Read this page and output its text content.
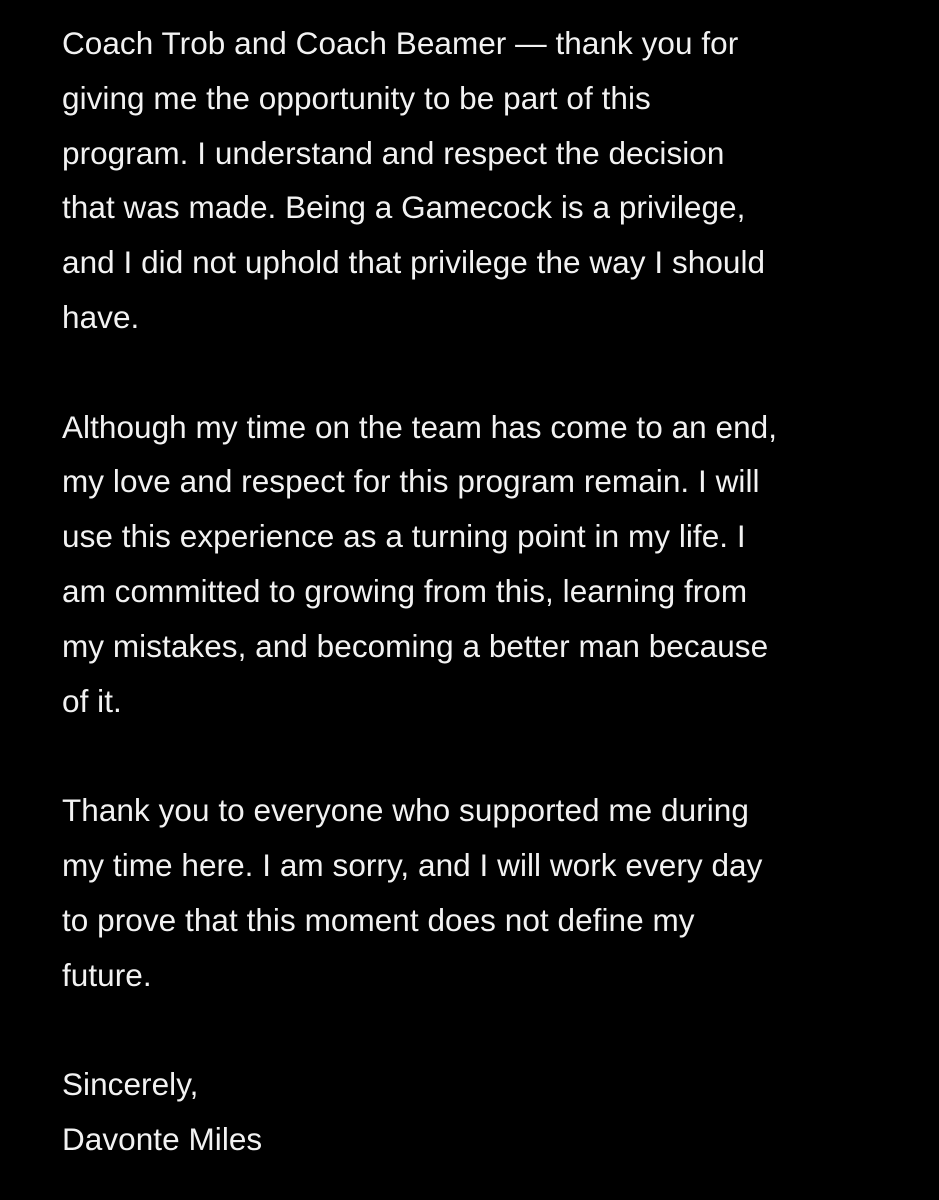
Coach Trob and Coach Beamer — thank you for
giving me the opportunity to be part of this
program. I understand and respect the decision
that was made. Being a Gamecock is a privilege,
and I did not uphold that privilege the way I should
have.

Although my time on the team has come to an end,
my love and respect for this program remain. I will
use this experience as a turning point in my life. I
am committed to growing from this, learning from
my mistakes, and becoming a better man because
of it.

Thank you to everyone who supported me during
my time here. I am sorry, and I will work every day
to prove that this moment does not define my
future.

Sincerely,
Davonte Miles
